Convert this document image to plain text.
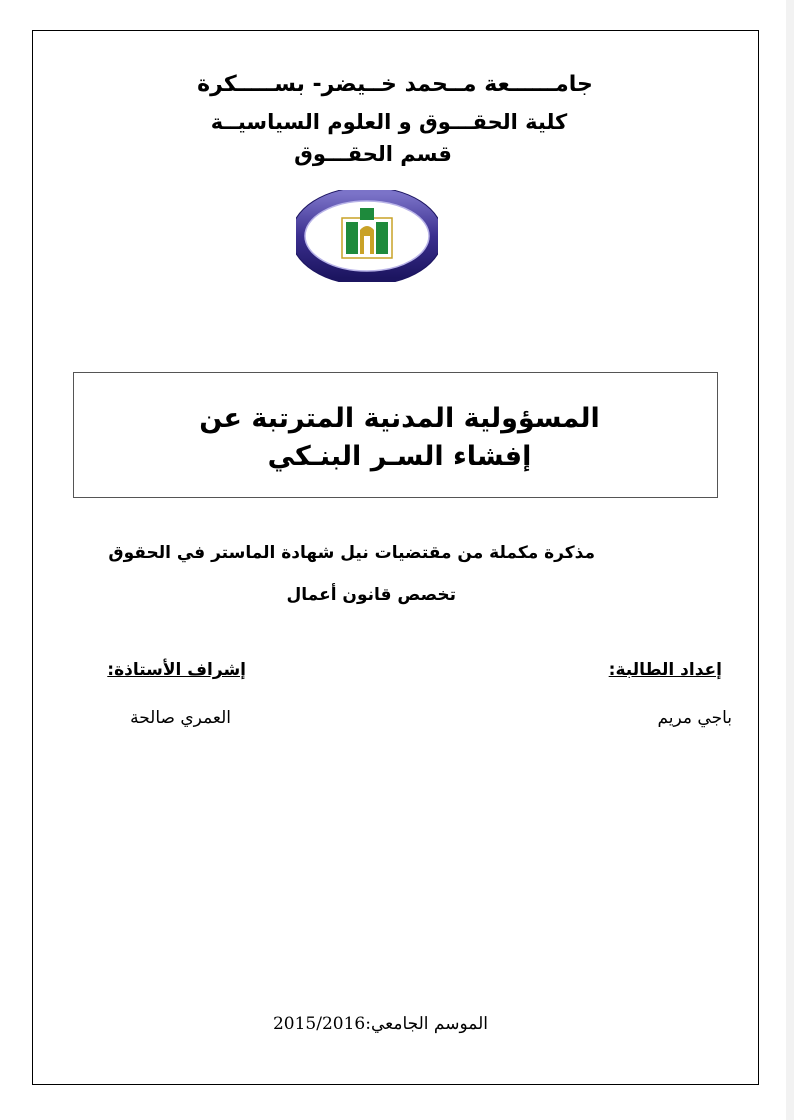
جامــــــعة مــحمد خــيضر- بســـــكرة
كلية الحقـــوق و العلوم السياسيــة
قسم الحقـــوق
المسؤولية المدنية المترتبة عن
إفشاء السـر البنـكي
مذكرة مكملة من مقتضيات نيل شهادة الماستر في الحقوق
تخصص قانون أعمال
إعداد الطالبة:
إشراف الأستاذة:
باجي مريم
العمري صالحة
الموسم الجامعي:2015/2016
